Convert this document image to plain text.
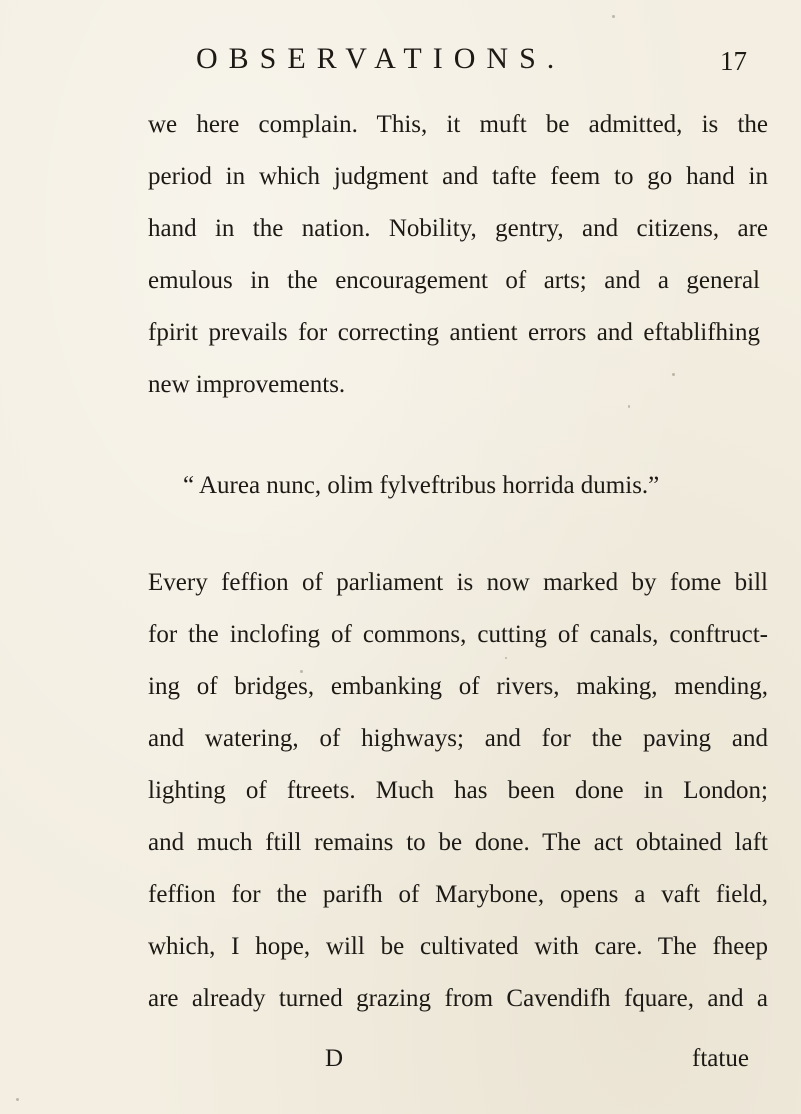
OBSERVATIONS.	17
we here complain. This, it muft be admitted, is the
period in which judgment and tafte feem to go hand in
hand in the nation. Nobility, gentry, and citizens, are
emulous in the encouragement of arts; and a general
fpirit prevails for correcting antient errors and eftablifhing
new improvements.
“ Aurea nunc, olim fylveftribus horrida dumis.”
Every feffion of parliament is now marked by fome bill
for the inclofing of commons, cutting of canals, conftruct-
ing of bridges, embanking of rivers, making, mending,
and watering, of highways; and for the paving and
lighting of ftreets. Much has been done in London;
and much ftill remains to be done. The act obtained laft
feffion for the parifh of Marybone, opens a vaft field,
which, I hope, will be cultivated with care. The fheep
are already turned grazing from Cavendifh fquare, and a
D	ftatue
